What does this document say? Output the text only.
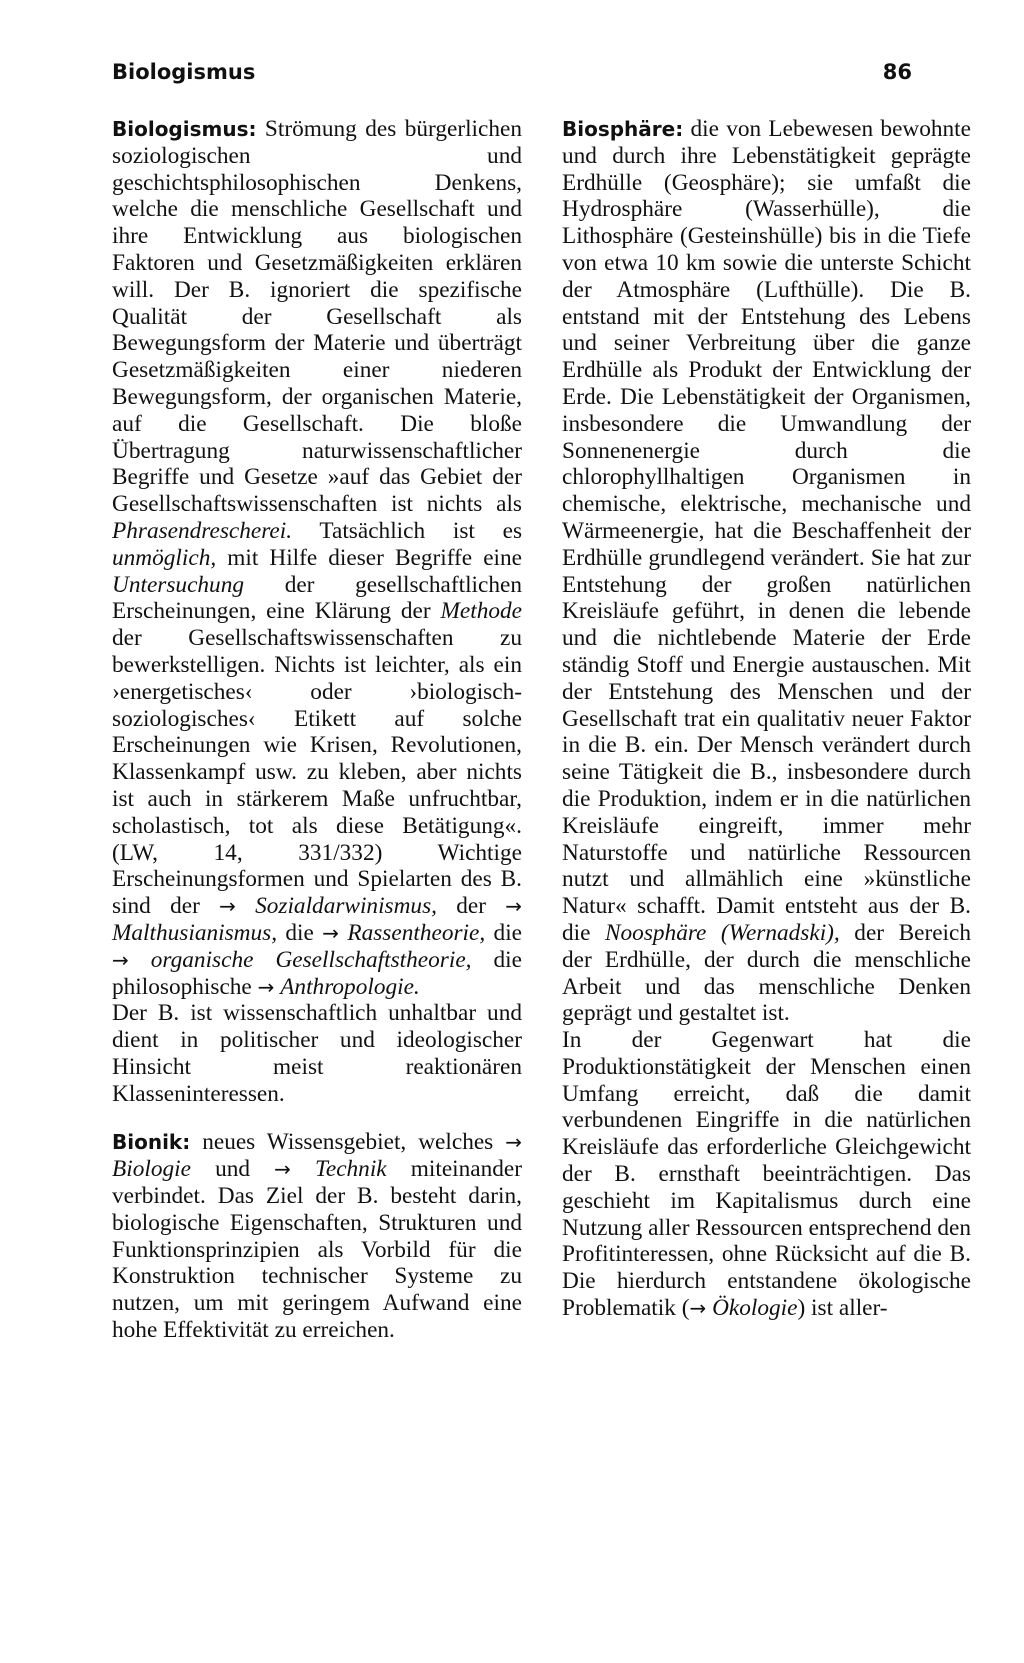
Biologismus	86

Biologismus: Strömung des bürgerlichen soziologischen und geschichtsphilosophischen Denkens, welche die menschliche Gesellschaft und ihre Entwicklung aus biologischen Faktoren und Gesetzmäßigkeiten erklären will. Der B. ignoriert die spezifische Qualität der Gesellschaft als Bewegungsform der Materie und überträgt Gesetzmäßigkeiten einer niederen Bewegungsform, der organischen Materie, auf die Gesellschaft. Die bloße Übertragung naturwissenschaftlicher Begriffe und Gesetze »auf das Gebiet der Gesellschaftswissenschaften ist nichts als Phrasendrescherei. Tatsächlich ist es unmöglich, mit Hilfe dieser Begriffe eine Untersuchung der gesellschaftlichen Erscheinungen, eine Klärung der Methode der Gesellschaftswissenschaften zu bewerkstelligen. Nichts ist leichter, als ein ›energetisches‹ oder ›biologisch-soziologisches‹ Etikett auf solche Erscheinungen wie Krisen, Revolutionen, Klassenkampf usw. zu kleben, aber nichts ist auch in stärkerem Maße unfruchtbar, scholastisch, tot als diese Betätigung«. (LW, 14, 331/332) Wichtige Erscheinungsformen und Spielarten des B. sind der → Sozialdarwinismus, der → Malthusianismus, die → Rassentheorie, die → organische Gesellschaftstheorie, die philosophische → Anthropologie.

Der B. ist wissenschaftlich unhaltbar und dient in politischer und ideologischer Hinsicht meist reaktionären Klasseninteressen.

Bionik: neues Wissensgebiet, welches → Biologie und → Technik miteinander verbindet. Das Ziel der B. besteht darin, biologische Eigenschaften, Strukturen und Funktionsprinzipien als Vorbild für die Konstruktion technischer Systeme zu nutzen, um mit geringem Aufwand eine hohe Effektivität zu erreichen.

Biosphäre: die von Lebewesen bewohnte und durch ihre Lebenstätigkeit geprägte Erdhülle (Geosphäre); sie umfaßt die Hydrosphäre (Wasserhülle), die Lithosphäre (Gesteinshülle) bis in die Tiefe von etwa 10 km sowie die unterste Schicht der Atmosphäre (Lufthülle). Die B. entstand mit der Entstehung des Lebens und seiner Verbreitung über die ganze Erdhülle als Produkt der Entwicklung der Erde. Die Lebenstätigkeit der Organismen, insbesondere die Umwandlung der Sonnenenergie durch die chlorophyllhaltigen Organismen in chemische, elektrische, mechanische und Wärmeenergie, hat die Beschaffenheit der Erdhülle grundlegend verändert. Sie hat zur Entstehung der großen natürlichen Kreisläufe geführt, in denen die lebende und die nichtlebende Materie der Erde ständig Stoff und Energie austauschen. Mit der Entstehung des Menschen und der Gesellschaft trat ein qualitativ neuer Faktor in die B. ein. Der Mensch verändert durch seine Tätigkeit die B., insbesondere durch die Produktion, indem er in die natürlichen Kreisläufe eingreift, immer mehr Naturstoffe und natürliche Ressourcen nutzt und allmählich eine »künstliche Natur« schafft. Damit entsteht aus der B. die Noosphäre (Wernadski), der Bereich der Erdhülle, der durch die menschliche Arbeit und das menschliche Denken geprägt und gestaltet ist.

In der Gegenwart hat die Produktionstätigkeit der Menschen einen Umfang erreicht, daß die damit verbundenen Eingriffe in die natürlichen Kreisläufe das erforderliche Gleichgewicht der B. ernsthaft beeinträchtigen. Das geschieht im Kapitalismus durch eine Nutzung aller Ressourcen entsprechend den Profitinteressen, ohne Rücksicht auf die B. Die hierdurch entstandene ökologische Problematik (→ Ökologie) ist aller-
